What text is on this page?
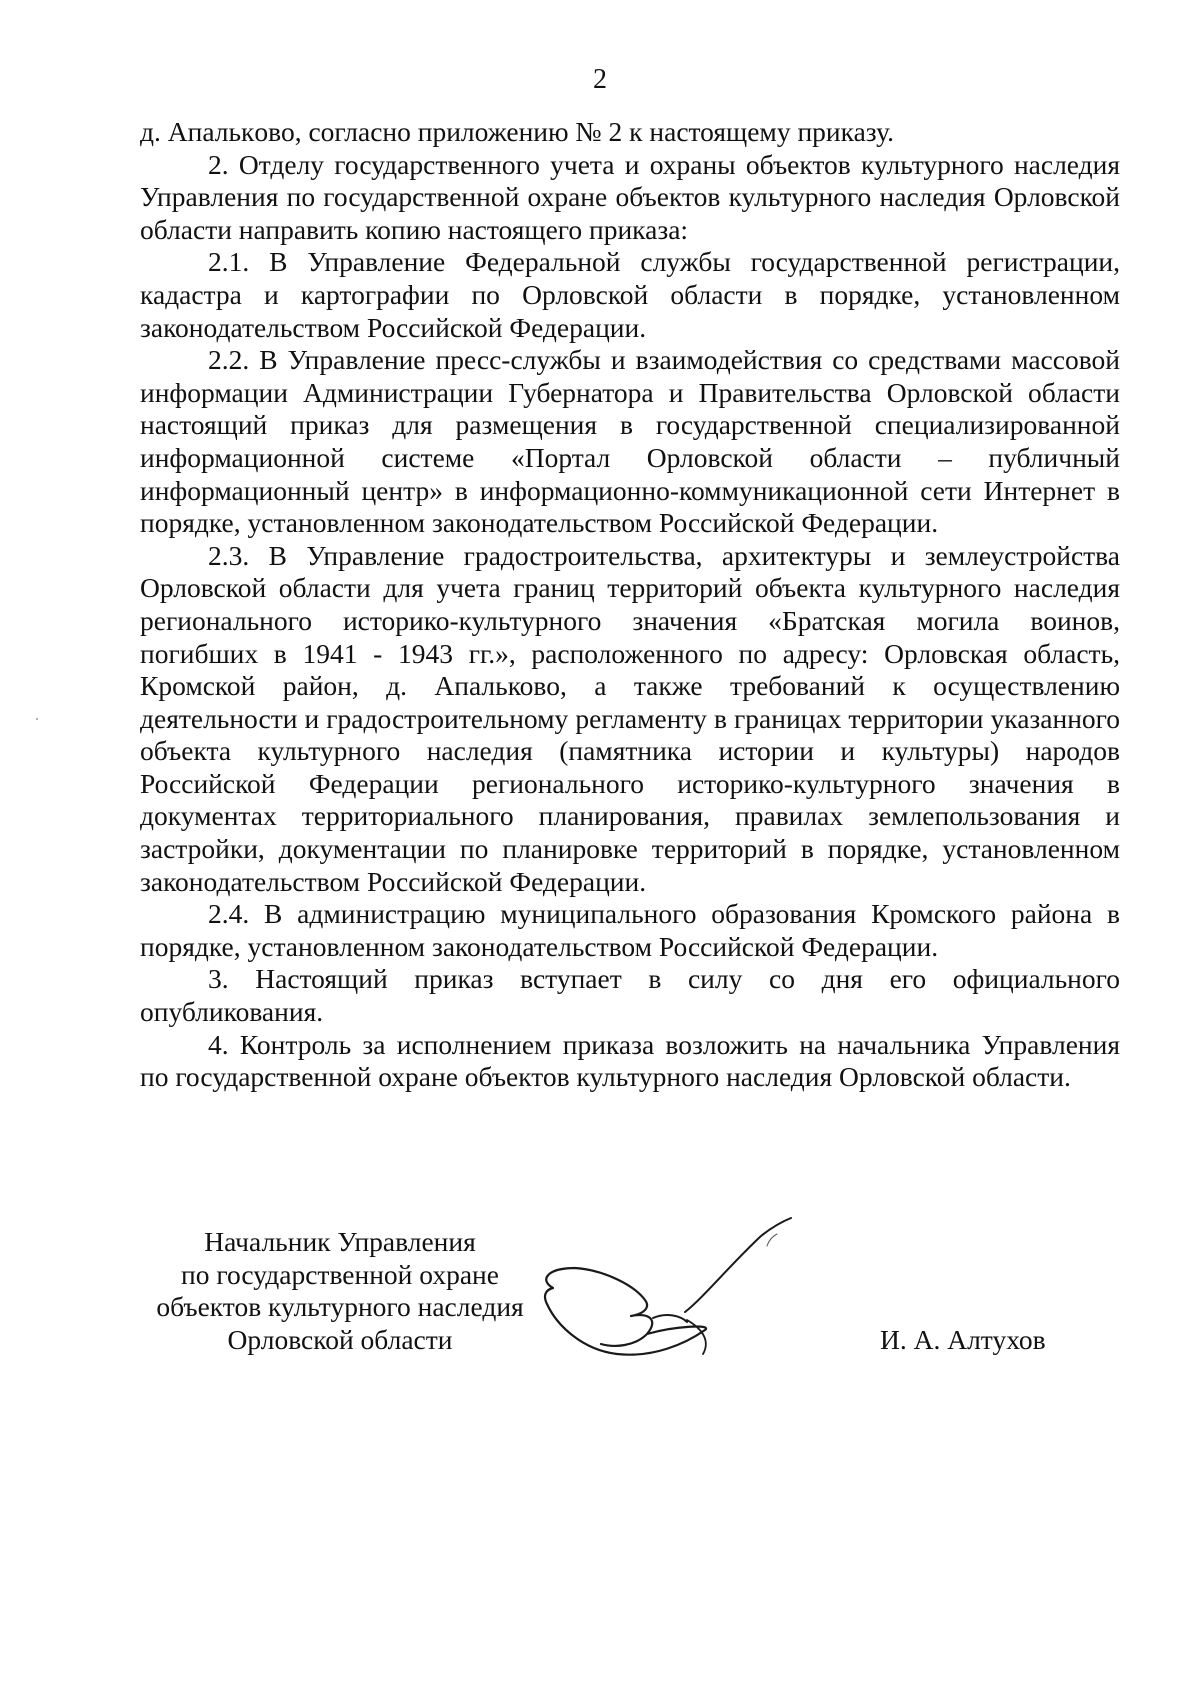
2

д. Апалькoво, согласно приложению № 2 к настоящему приказу.

2. Отделу государственного учета и охраны объектов культурного наследия Управления по государственной охране объектов культурного наследия Орловской области направить копию настоящего приказа:

2.1. В Управление Федеральной службы государственной регистрации, кадастра и картографии по Орловской области в порядке, установленном законодательством Российской Федерации.

2.2. В Управление пресс-службы и взаимодействия со средствами массовой информации Администрации Губернатора и Правительства Орловской области настоящий приказ для размещения в государственной специализированной информационной системе «Портал Орловской области – публичный информационный центр» в информационно-коммуникационной сети Интернет в порядке, установленном законодательством Российской Федерации.

2.3. В Управление градостроительства, архитектуры и землеустройства Орловской области для учета границ территорий объекта культурного наследия регионального историко-культурного значения «Братская могила воинов, погибших в 1941 - 1943 гг.», расположенного по адресу: Орловская область, Кромской район, д. Апальково, а также требований к осуществлению деятельности и градостроительному регламенту в границах территории указанного объекта культурного наследия (памятника истории и культуры) народов Российской Федерации регионального историко-культурного значения в документах территориального планирования, правилах землепользования и застройки, документации по планировке территорий в порядке, установленном законодательством Российской Федерации.

2.4. В администрацию муниципального образования Кромского района в порядке, установленном законодательством Российской Федерации.

3. Настоящий приказ вступает в силу со дня его официального опубликования.

4. Контроль за исполнением приказа возложить на начальника Управления по государственной охране объектов культурного наследия Орловской области.

Начальник Управления
по государственной охране
объектов культурного наследия
Орловской области	И. А. Алтухов
